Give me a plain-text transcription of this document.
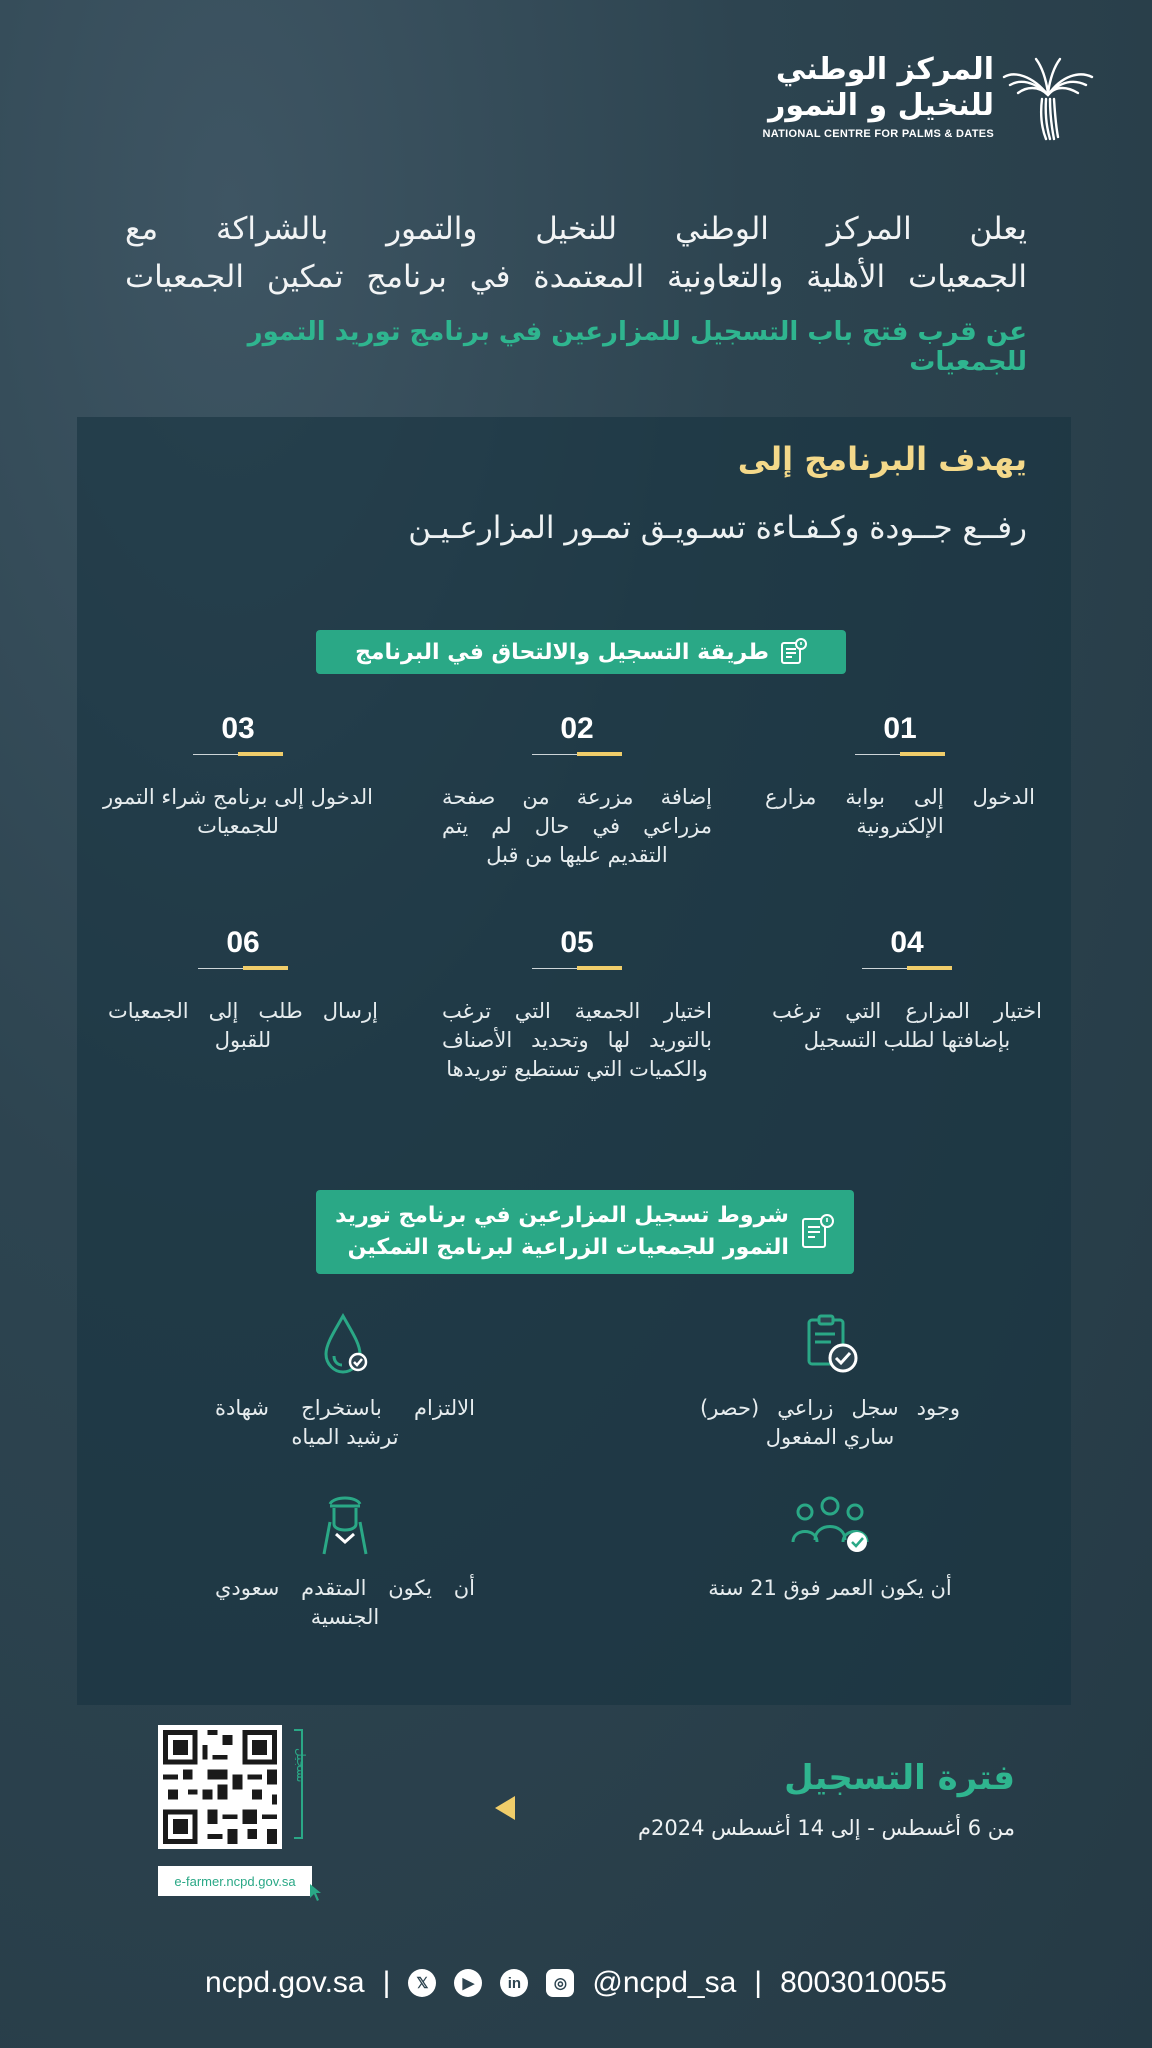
المركز الوطني
للنخيل و التمور
NATIONAL CENTRE FOR PALMS & DATES
يعلن المركز الوطني للنخيل والتمور بالشراكة مع
الجمعيات الأهلية والتعاونية المعتمدة في برنامج تمكين الجمعيات
عن قرب فتح باب التسجيل للمزارعين في برنامج توريد التمور للجمعيات
يهدف البرنامج إلى
رفــع جــودة وكـفـاءة تسـويـق تمـور المزارعـيـن
طريقة التسجيل والالتحاق في البرنامج
01
الدخول إلى بوابة مزارع الإلكترونية
02
إضافة مزرعة من صفحة مزراعي في حال لم يتم التقديم عليها من قبل
03
الدخول إلى برنامج شراء التمور للجمعيات
04
اختيار المزارع التي ترغب بإضافتها لطلب التسجيل
05
اختيار الجمعية التي ترغب بالتوريد لها وتحديد الأصناف والكميات التي تستطيع توريدها
06
إرسال طلب إلى الجمعيات للقبول
شروط تسجيل المزارعين في برنامج توريد
التمور للجمعيات الزراعية لبرنامج التمكين
وجود سجل زراعي (حصر) ساري المفعول
الالتزام باستخراج شهادة ترشيد المياه
أن يكون العمر فوق 21 سنة
أن يكون المتقدم سعودي الجنسية
فترة التسجيل
من 6 أغسطس - إلى 14 أغسطس 2024م
تسجيل
e-farmer.ncpd.gov.sa
ncpd.gov.sa |	𝕏	▶	in	◎ @ncpd_sa | 8003010055
